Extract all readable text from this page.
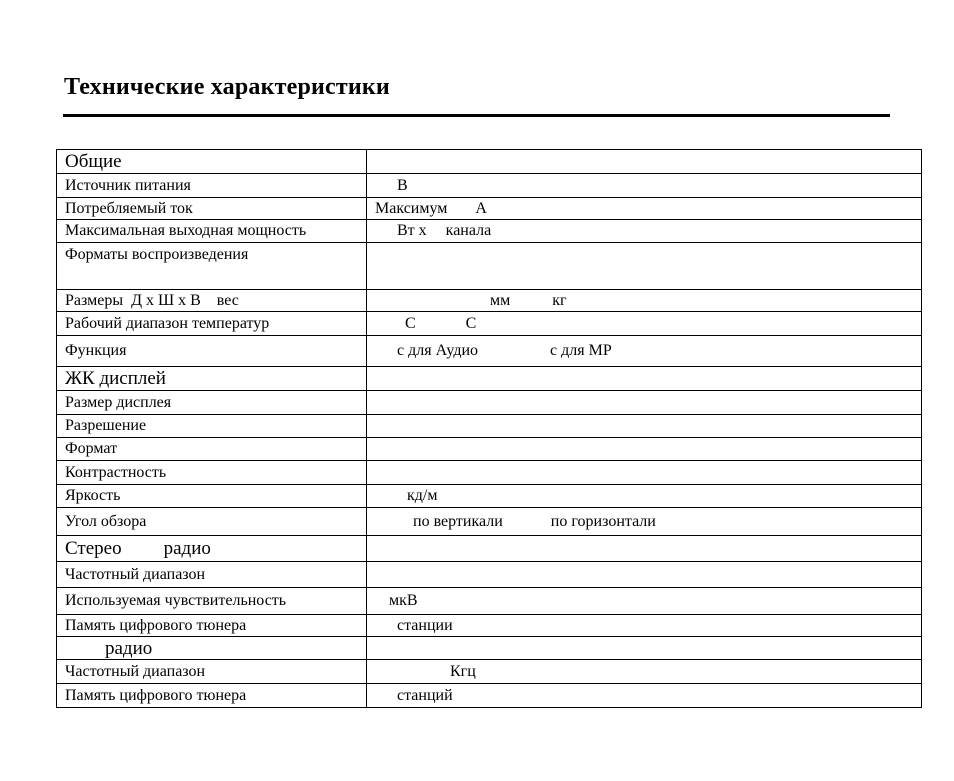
Технические характеристики
Общие	
Источник питания	В
Потребляемый ток	Максимум А
Максимальная выходная мощность	Вт х канала
Форматы воспроизведения	
Размеры  Д х Ш х В    вес	мм кг
Рабочий диапазон температур	С С
Функция	с для Аудио с для МР
ЖК дисплей	
Размер дисплея	
Разрешение	
Формат	
Контрастность	
Яркость	кд/м
Угол обзора	по вертикали по горизонтали
Стерео радио	
Частотный диапазон	
Используемая чувствительность	мкВ
Память цифрового тюнера	станции
радио	
Частотный диапазон	Кгц
Память цифрового тюнера	станций
